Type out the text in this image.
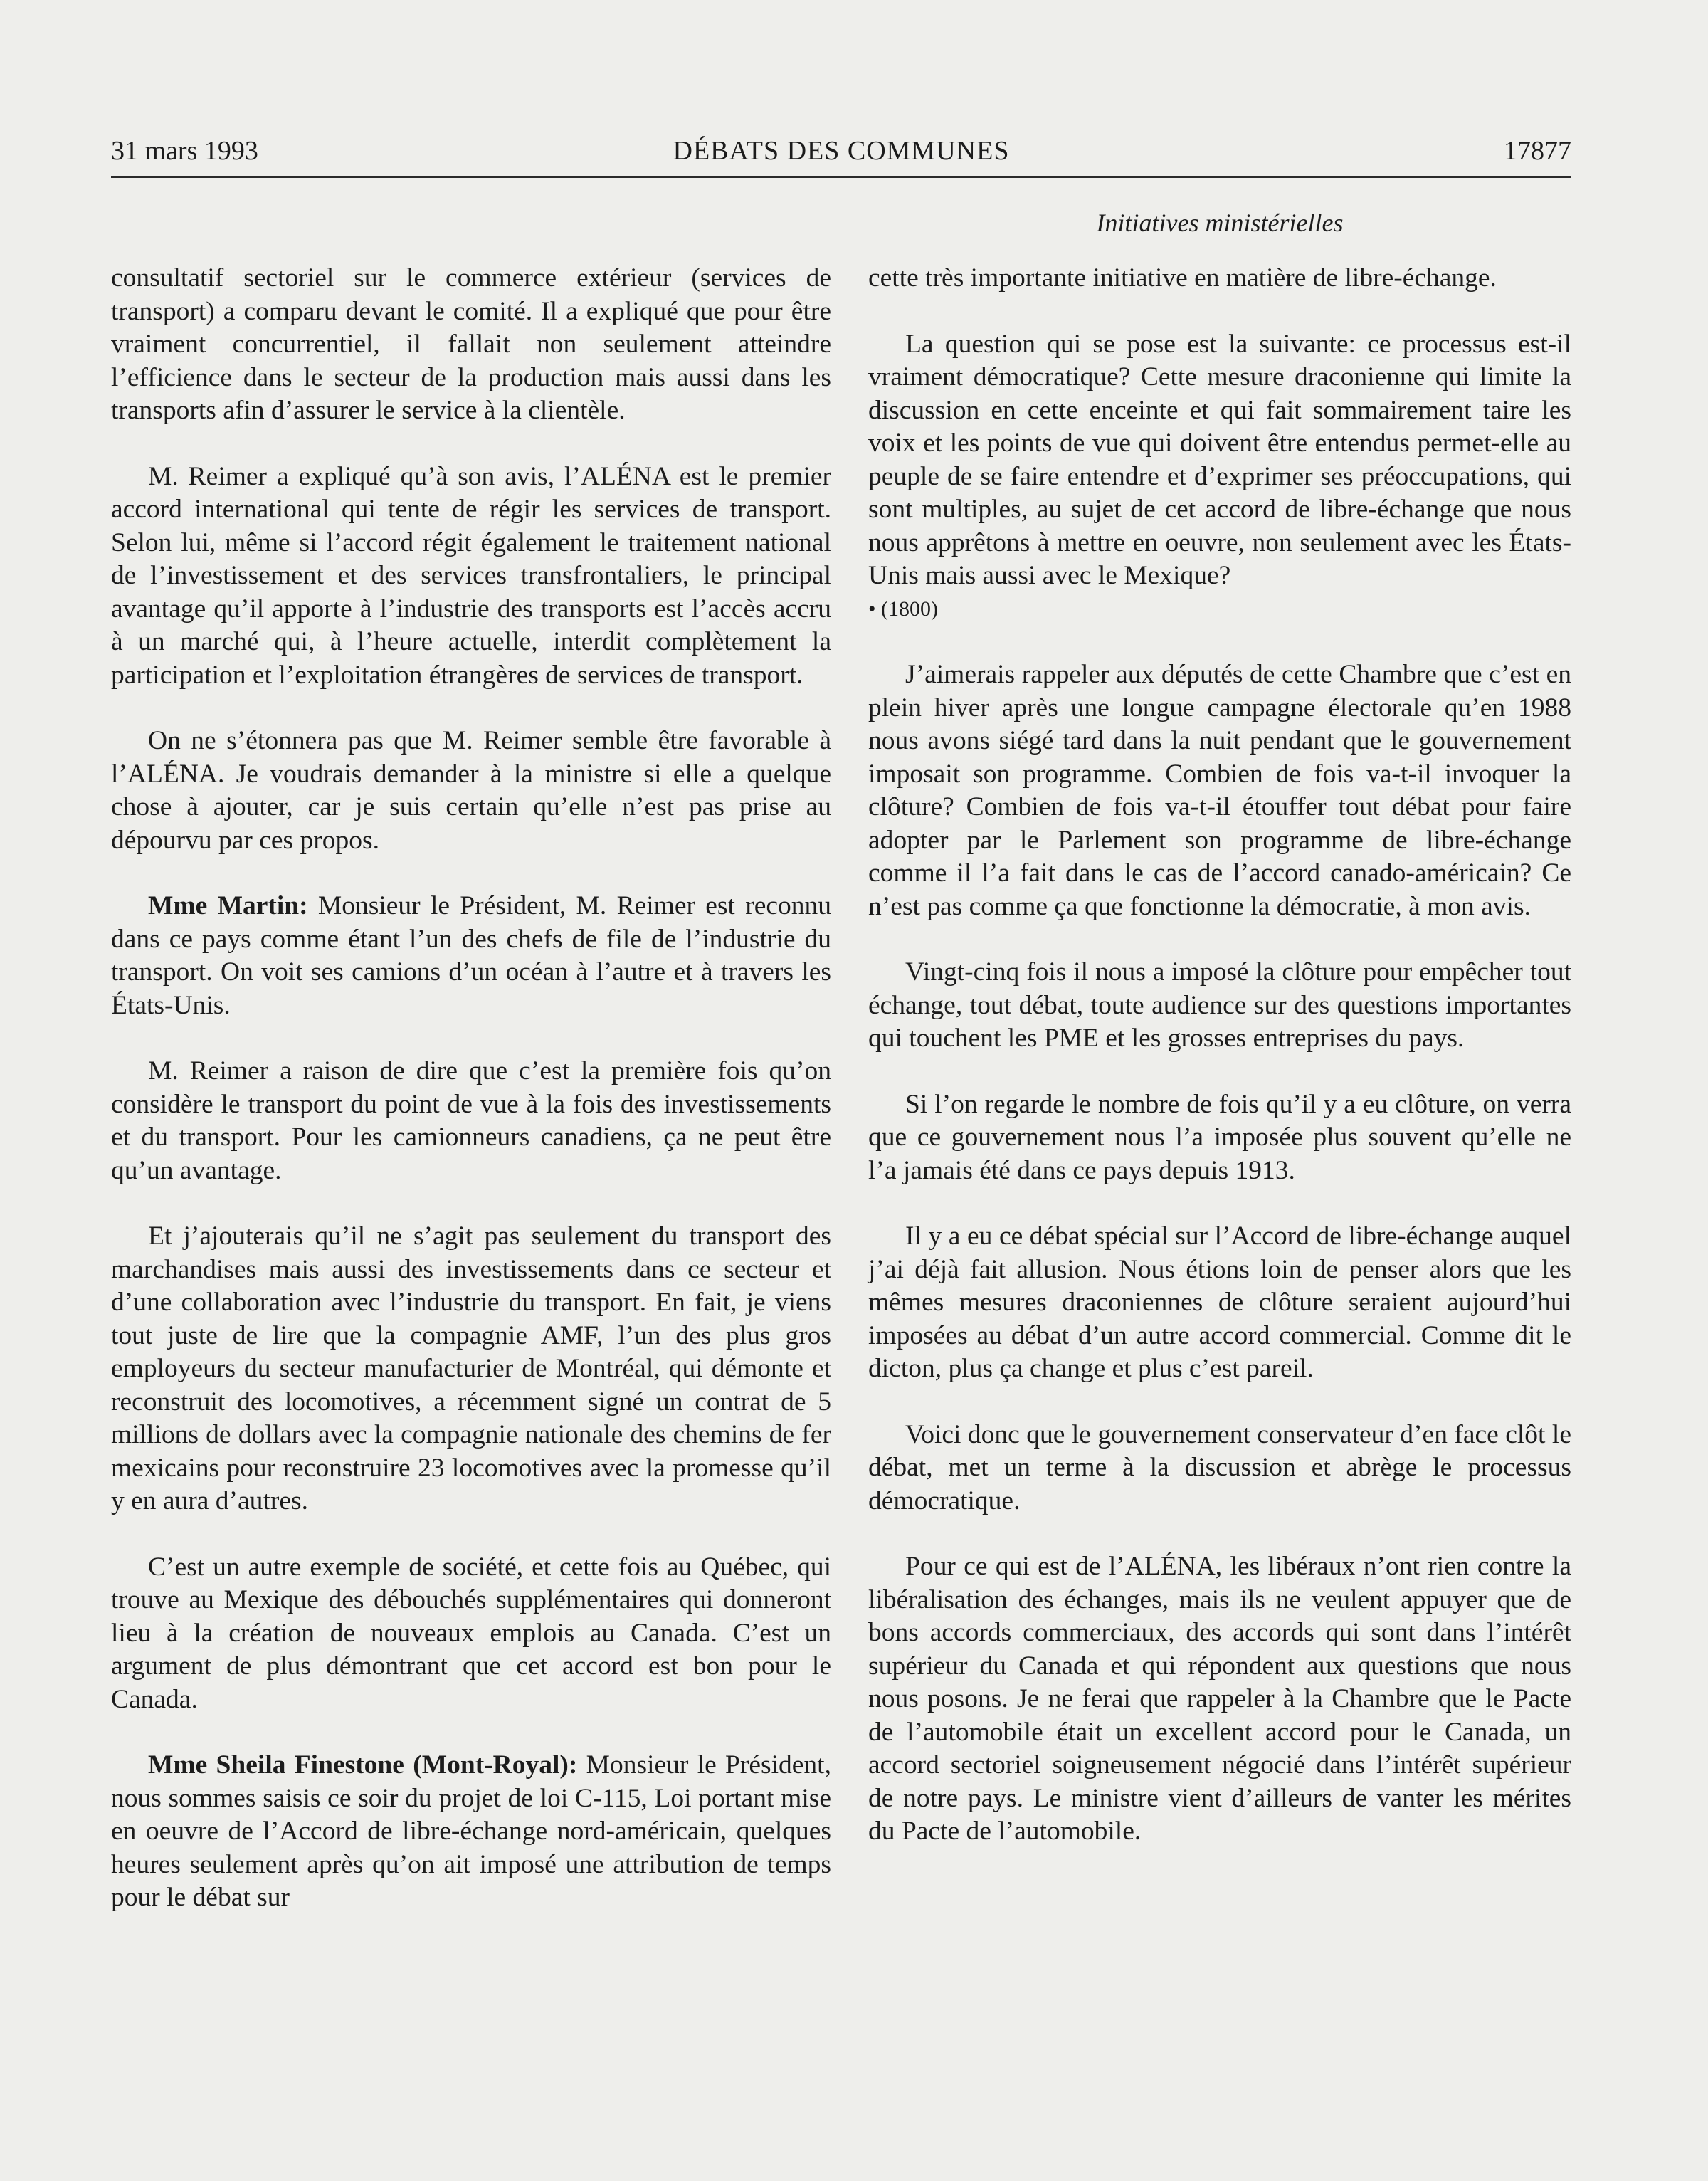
31 mars 1993	DÉBATS DES COMMUNES	17877
Initiatives ministérielles

consultatif sectoriel sur le commerce extérieur (services de transport) a comparu devant le comité. Il a expliqué que pour être vraiment concurrentiel, il fallait non seulement atteindre l’efficience dans le secteur de la production mais aussi dans les transports afin d’assurer le service à la clientèle.

M. Reimer a expliqué qu’à son avis, l’ALÉNA est le premier accord international qui tente de régir les services de transport. Selon lui, même si l’accord régit également le traitement national de l’investissement et des services transfrontaliers, le principal avantage qu’il apporte à l’industrie des transports est l’accès accru à un marché qui, à l’heure actuelle, interdit complètement la participation et l’exploitation étrangères de services de transport.

On ne s’étonnera pas que M. Reimer semble être favorable à l’ALÉNA. Je voudrais demander à la ministre si elle a quelque chose à ajouter, car je suis certain qu’elle n’est pas prise au dépourvu par ces propos.

Mme Martin: Monsieur le Président, M. Reimer est reconnu dans ce pays comme étant l’un des chefs de file de l’industrie du transport. On voit ses camions d’un océan à l’autre et à travers les États-Unis.

M. Reimer a raison de dire que c’est la première fois qu’on considère le transport du point de vue à la fois des investissements et du transport. Pour les camionneurs canadiens, ça ne peut être qu’un avantage.

Et j’ajouterais qu’il ne s’agit pas seulement du transport des marchandises mais aussi des investissements dans ce secteur et d’une collaboration avec l’industrie du transport. En fait, je viens tout juste de lire que la compagnie AMF, l’un des plus gros employeurs du secteur manufacturier de Montréal, qui démonte et reconstruit des locomotives, a récemment signé un contrat de 5 millions de dollars avec la compagnie nationale des chemins de fer mexicains pour reconstruire 23 locomotives avec la promesse qu’il y en aura d’autres.

C’est un autre exemple de société, et cette fois au Québec, qui trouve au Mexique des débouchés supplémentaires qui donneront lieu à la création de nouveaux emplois au Canada. C’est un argument de plus démontrant que cet accord est bon pour le Canada.

Mme Sheila Finestone (Mont-Royal): Monsieur le Président, nous sommes saisis ce soir du projet de loi C-115, Loi portant mise en oeuvre de l’Accord de libre-échange nord-américain, quelques heures seulement après qu’on ait imposé une attribution de temps pour le débat sur

cette très importante initiative en matière de libre-échange.

La question qui se pose est la suivante: ce processus est-il vraiment démocratique? Cette mesure draconienne qui limite la discussion en cette enceinte et qui fait sommairement taire les voix et les points de vue qui doivent être entendus permet-elle au peuple de se faire entendre et d’exprimer ses préoccupations, qui sont multiples, au sujet de cet accord de libre-échange que nous nous apprêtons à mettre en oeuvre, non seulement avec les États-Unis mais aussi avec le Mexique?

• (1800)

J’aimerais rappeler aux députés de cette Chambre que c’est en plein hiver après une longue campagne électorale qu’en 1988 nous avons siégé tard dans la nuit pendant que le gouvernement imposait son programme. Combien de fois va-t-il invoquer la clôture? Combien de fois va-t-il étouffer tout débat pour faire adopter par le Parlement son programme de libre-échange comme il l’a fait dans le cas de l’accord canado-américain? Ce n’est pas comme ça que fonctionne la démocratie, à mon avis.

Vingt-cinq fois il nous a imposé la clôture pour empêcher tout échange, tout débat, toute audience sur des questions importantes qui touchent les PME et les grosses entreprises du pays.

Si l’on regarde le nombre de fois qu’il y a eu clôture, on verra que ce gouvernement nous l’a imposée plus souvent qu’elle ne l’a jamais été dans ce pays depuis 1913.

Il y a eu ce débat spécial sur l’Accord de libre-échange auquel j’ai déjà fait allusion. Nous étions loin de penser alors que les mêmes mesures draconiennes de clôture seraient aujourd’hui imposées au débat d’un autre accord commercial. Comme dit le dicton, plus ça change et plus c’est pareil.

Voici donc que le gouvernement conservateur d’en face clôt le débat, met un terme à la discussion et abrège le processus démocratique.

Pour ce qui est de l’ALÉNA, les libéraux n’ont rien contre la libéralisation des échanges, mais ils ne veulent appuyer que de bons accords commerciaux, des accords qui sont dans l’intérêt supérieur du Canada et qui répondent aux questions que nous nous posons. Je ne ferai que rappeler à la Chambre que le Pacte de l’automobile était un excellent accord pour le Canada, un accord sectoriel soigneusement négocié dans l’intérêt supérieur de notre pays. Le ministre vient d’ailleurs de vanter les mérites du Pacte de l’automobile.
